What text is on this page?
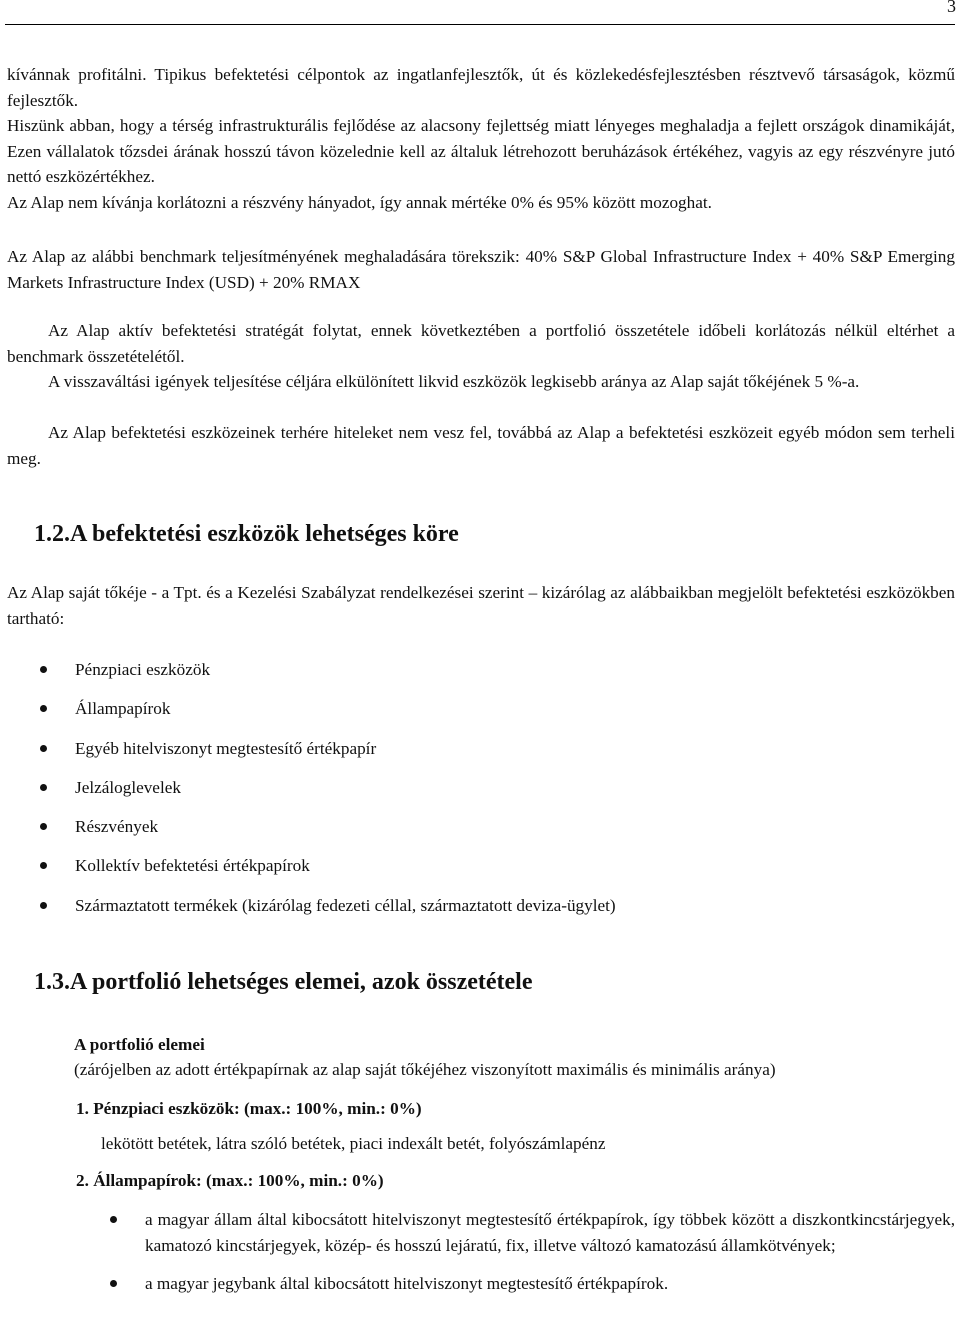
3

kívánnak profitálni. Tipikus befektetési célpontok az ingatlanfejlesztők, út és közlekedésfejlesztésben résztvevő társaságok, közmű fejlesztők.

Hiszünk abban, hogy a térség infrastrukturális fejlődése az alacsony fejlettség miatt lényeges meghaladja a fejlett országok dinamikáját, Ezen vállalatok tőzsdei árának hosszú távon közelednie kell az általuk létrehozott beruházások értékéhez, vagyis az egy részvényre jutó nettó eszközértékhez.

Az Alap nem kívánja korlátozni a részvény hányadot, így annak mértéke 0% és 95% között mozoghat.

Az Alap az alábbi benchmark teljesítményének meghaladására törekszik: 40% S&P Global Infrastructure Index + 40% S&P Emerging Markets Infrastructure Index (USD) + 20% RMAX

Az Alap aktív befektetési stratégát folytat, ennek következtében a portfolió összetétele időbeli korlátozás nélkül eltérhet a benchmark összetételétől.

A visszaváltási igények teljesítése céljára elkülönített likvid eszközök legkisebb aránya az Alap saját tőkéjének 5 %-a.

Az Alap befektetési eszközeinek terhére hiteleket nem vesz fel, továbbá az Alap a befektetési eszközeit egyéb módon sem terheli meg.

1.2.A befektetési eszközök lehetséges köre

Az Alap saját tőkéje - a Tpt. és a Kezelési Szabályzat rendelkezései szerint – kizárólag az alábbaikban megjelölt befektetési eszközökben tartható:

Pénzpiaci eszközök
Állampapírok
Egyéb hitelviszonyt megtestesítő értékpapír
Jelzáloglevelek
Részvények
Kollektív befektetési értékpapírok
Származtatott termékek (kizárólag fedezeti céllal, származtatott deviza-ügylet)
1.3.A portfolió lehetséges elemei, azok összetétele
A portfolió elemei
(zárójelben az adott értékpapírnak az alap saját tőkéjéhez viszonyított maximális és minimális aránya)
1. Pénzpiaci eszközök: (max.: 100%, min.: 0%)
lekötött betétek, látra szóló betétek, piaci indexált betét, folyószámlapénz
2. Állampapírok: (max.: 100%, min.: 0%)
a magyar állam által kibocsátott hitelviszonyt megtestesítő értékpapírok, így többek között a diszkontkincstárjegyek, kamatozó kincstárjegyek, közép- és hosszú lejáratú, fix, illetve változó kamatozású államkötvények;
a magyar jegybank által kibocsátott hitelviszonyt megtestesítő értékpapírok.
